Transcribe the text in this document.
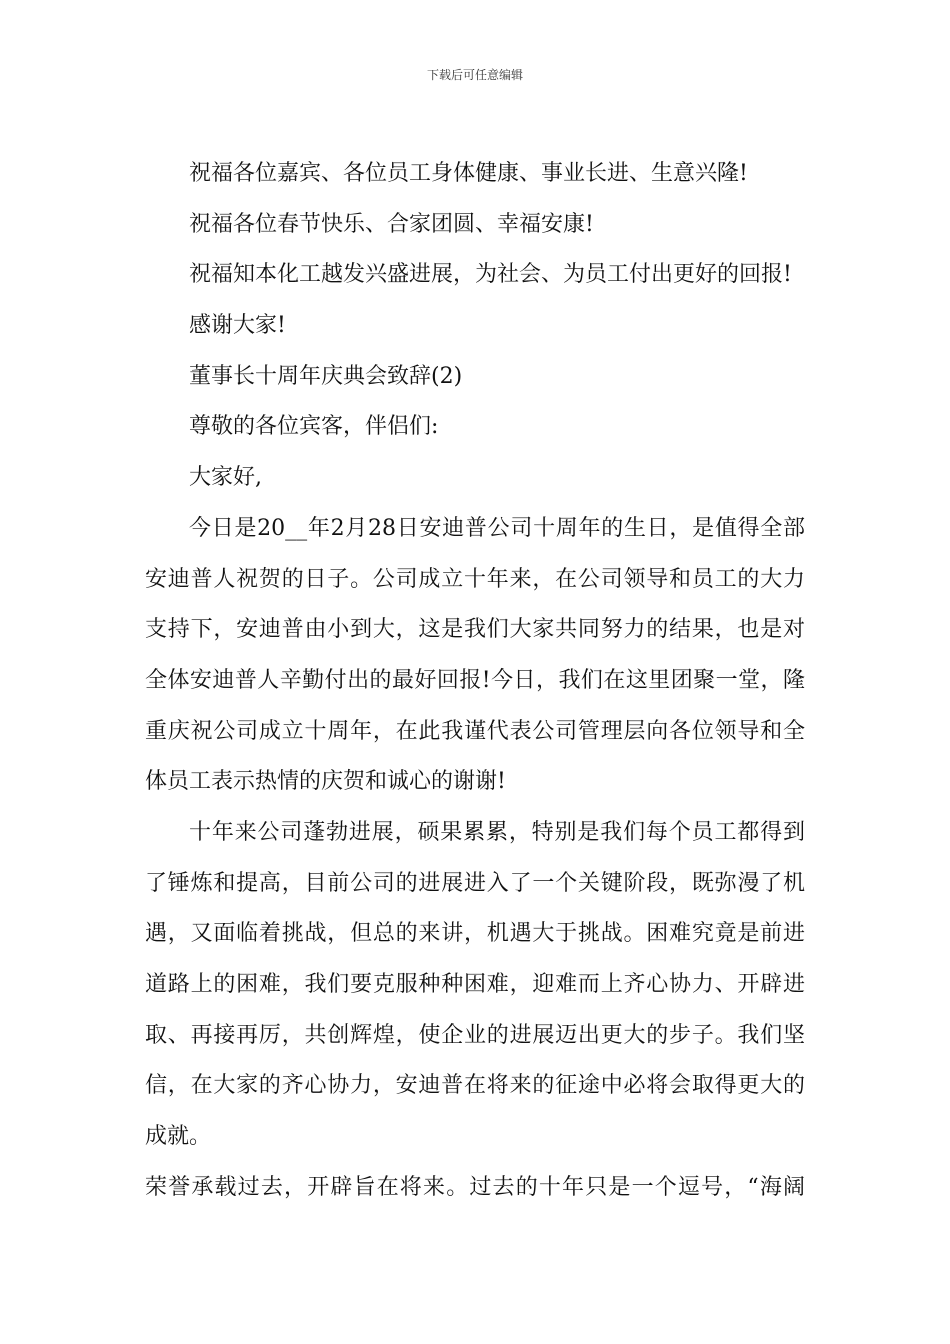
下载后可任意编辑
祝福各位嘉宾、各位员工身体健康、事业长进、生意兴隆!
祝福各位春节快乐、合家团圆、幸福安康!
祝福知本化工越发兴盛进展，为社会、为员工付出更好的回报!
感谢大家!
董事长十周年庆典会致辞(2)
尊敬的各位宾客，伴侣们:
大家好,
今日是20__年2月28日安迪普公司十周年的生日，是值得全部
安迪普人祝贺的日子。公司成立十年来，在公司领导和员工的大力
支持下，安迪普由小到大，这是我们大家共同努力的结果，也是对
全体安迪普人辛勤付出的最好回报!今日，我们在这里团聚一堂，隆
重庆祝公司成立十周年，在此我谨代表公司管理层向各位领导和全
体员工表示热情的庆贺和诚心的谢谢!
十年来公司蓬勃进展，硕果累累，特别是我们每个员工都得到
了锤炼和提高，目前公司的进展进入了一个关键阶段，既弥漫了机
遇，又面临着挑战，但总的来讲，机遇大于挑战。困难究竟是前进
道路上的困难，我们要克服种种困难，迎难而上齐心协力、开辟进
取、再接再厉，共创辉煌，使企业的进展迈出更大的步子。我们坚
信，在大家的齐心协力，安迪普在将来的征途中必将会取得更大的
成就。
荣誉承载过去，开辟旨在将来。过去的十年只是一个逗号，“海阔
